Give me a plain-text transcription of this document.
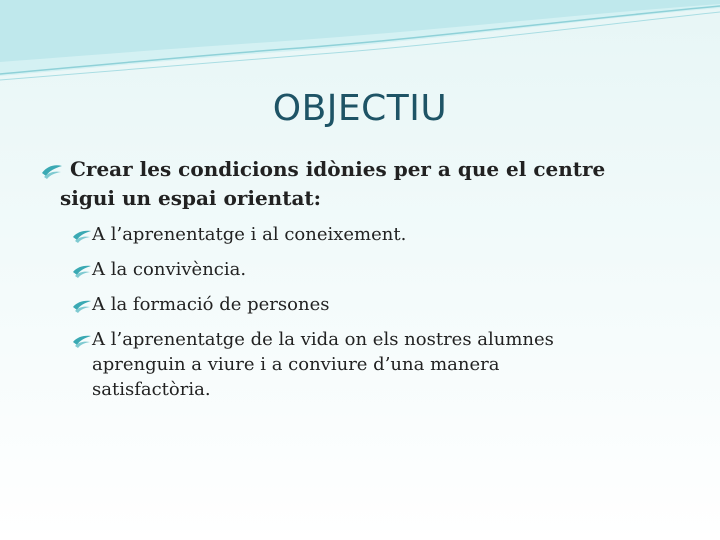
OBJECTIU
Crear les condicions idònies per a que el centre
sigui un espai orientat:
A l’aprenentatge i al coneixement.
A la convivència.
A la formació de persones
A l’aprenentatge de la vida on els nostres alumnes
aprenguin a viure i a conviure d’una manera
satisfactòria.
